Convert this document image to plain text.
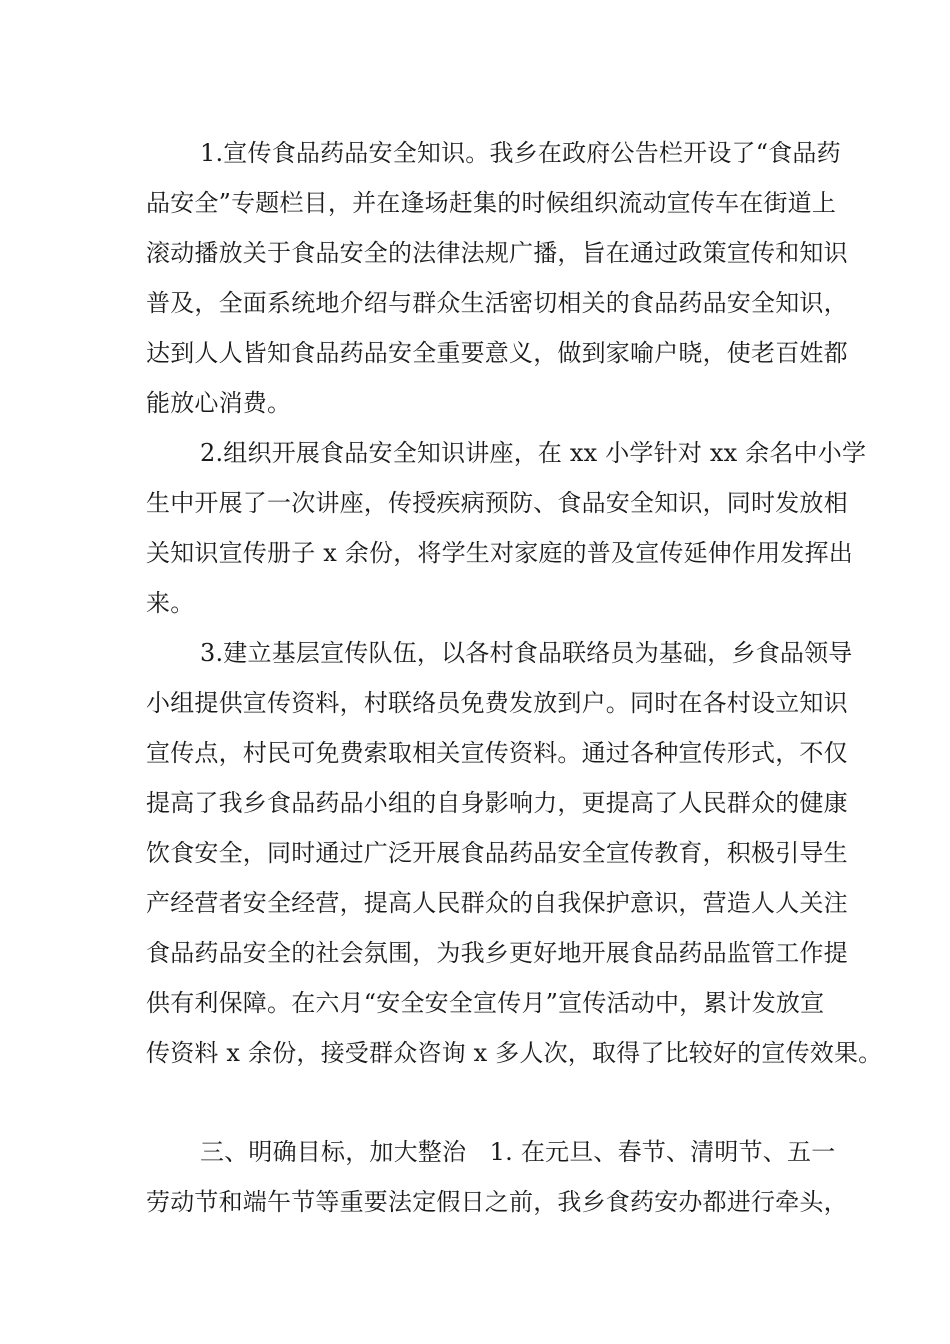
1.宣传食品药品安全知识。我乡在政府公告栏开设了“食品药
品安全”专题栏目，并在逢场赶集的时候组织流动宣传车在街道上
滚动播放关于食品安全的法律法规广播，旨在通过政策宣传和知识
普及，全面系统地介绍与群众生活密切相关的食品药品安全知识，
达到人人皆知食品药品安全重要意义，做到家喻户晓，使老百姓都
能放心消费。
2.组织开展食品安全知识讲座，在 xx 小学针对 xx 余名中小学
生中开展了一次讲座，传授疾病预防、食品安全知识，同时发放相
关知识宣传册子 x 余份，将学生对家庭的普及宣传延伸作用发挥出
来。
3.建立基层宣传队伍，以各村食品联络员为基础，乡食品领导
小组提供宣传资料，村联络员免费发放到户。同时在各村设立知识
宣传点，村民可免费索取相关宣传资料。通过各种宣传形式，不仅
提高了我乡食品药品小组的自身影响力，更提高了人民群众的健康
饮食安全，同时通过广泛开展食品药品安全宣传教育，积极引导生
产经营者安全经营，提高人民群众的自我保护意识，营造人人关注
食品药品安全的社会氛围，为我乡更好地开展食品药品监管工作提
供有利保障。在六月“安全安全宣传月”宣传活动中，累计发放宣
传资料 x 余份，接受群众咨询 x 多人次，取得了比较好的宣传效果。
三、明确目标，加大整治   1. 在元旦、春节、清明节、五一
劳动节和端午节等重要法定假日之前，我乡食药安办都进行牵头，
